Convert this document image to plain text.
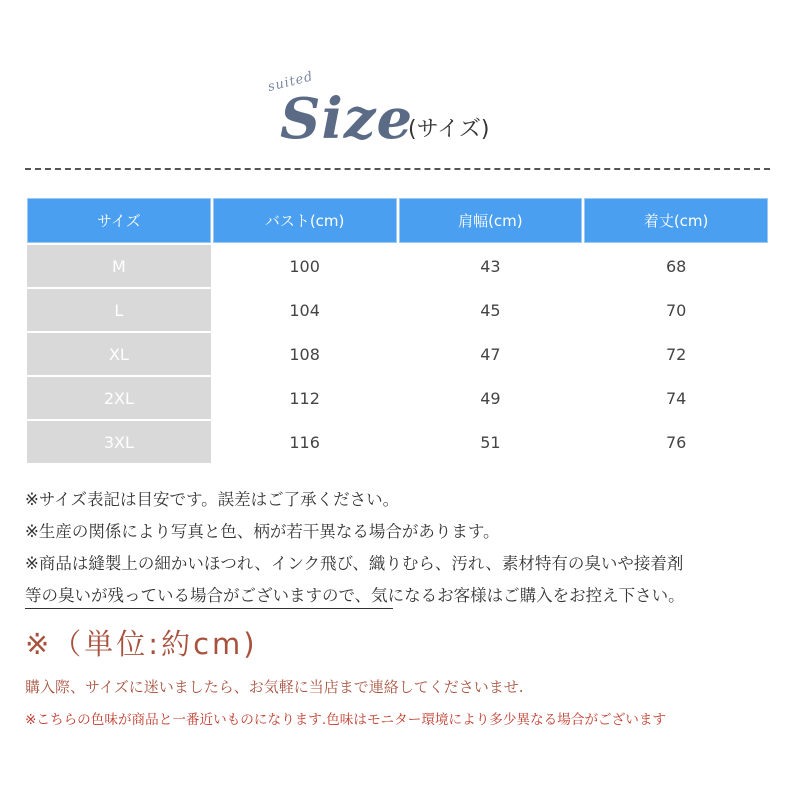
suited
Size
(サイズ)
サイズ	バスト(cm)	肩幅(cm)	着丈(cm)
M	100	43	68
L	104	45	70
XL	108	47	72
2XL	112	49	74
3XL	116	51	76

※サイズ表記は目安です。誤差はご了承ください。

※生産の関係により写真と色、柄が若干異なる場合があります。

※商品は縫製上の細かいほつれ、インク飛び、織りむら、汚れ、素材特有の臭いや接着剤

等の臭いが残っている場合がございますので、気になるお客様はご購入をお控え下さい。

※（単位:約cm)
購入際、サイズに迷いましたら、お気軽に当店まで連絡してくださいませ.
※こちらの色味が商品と一番近いものになります.色味はモニター環境により多少異なる場合がございます
